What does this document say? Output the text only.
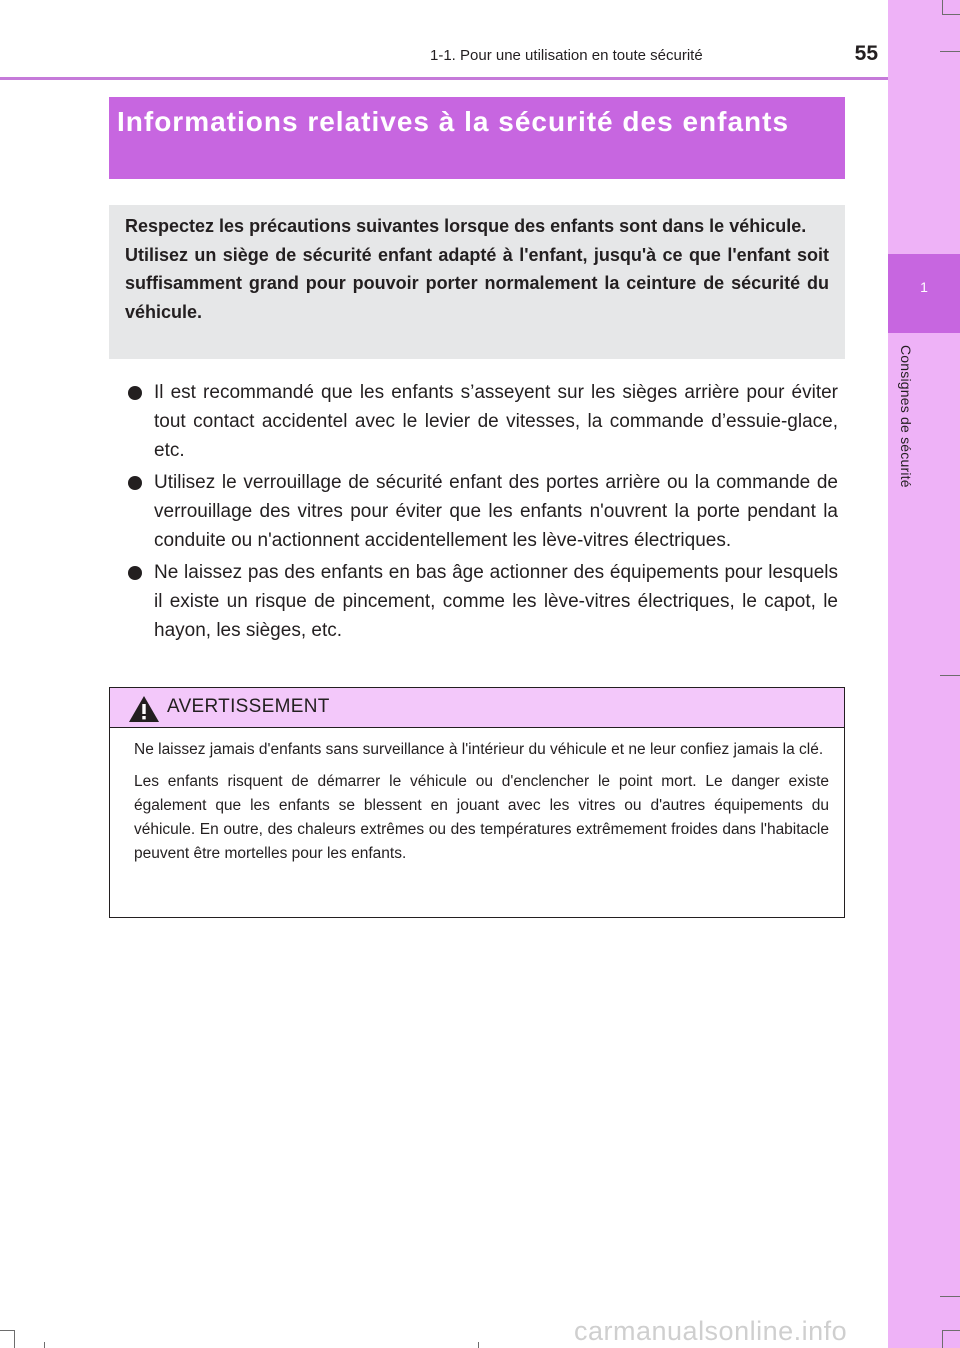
1-1. Pour une utilisation en toute sécurité	55
1
Consignes de sécurité
Informations relatives à la sécurité des enfants

Respectez les précautions suivantes lorsque des enfants sont dans le véhicule.

Utilisez un siège de sécurité enfant adapté à l'enfant, jusqu'à ce que l'enfant soit suffisamment grand pour pouvoir porter normalement la ceinture de sécurité du véhicule.

Il est recommandé que les enfants s’asseyent sur les sièges arrière pour éviter tout contact accidentel avec le levier de vitesses, la commande d’essuie-glace, etc.
Utilisez le verrouillage de sécurité enfant des portes arrière ou la commande de verrouillage des vitres pour éviter que les enfants n'ouvrent la porte pendant la conduite ou n'actionnent accidentellement les lève-vitres électriques.
Ne laissez pas des enfants en bas âge actionner des équipements pour lesquels il existe un risque de pincement, comme les lève-vitres électriques, le capot, le hayon, les sièges, etc.
AVERTISSEMENT

Ne laissez jamais d'enfants sans surveillance à l'intérieur du véhicule et ne leur confiez jamais la clé.

Les enfants risquent de démarrer le véhicule ou d'enclencher le point mort. Le danger existe également que les enfants se blessent en jouant avec les vitres ou d'autres équipements du véhicule. En outre, des chaleurs extrêmes ou des températures extrêmement froides dans l'habitacle peuvent être mortelles pour les enfants.

carmanualsonline.info
